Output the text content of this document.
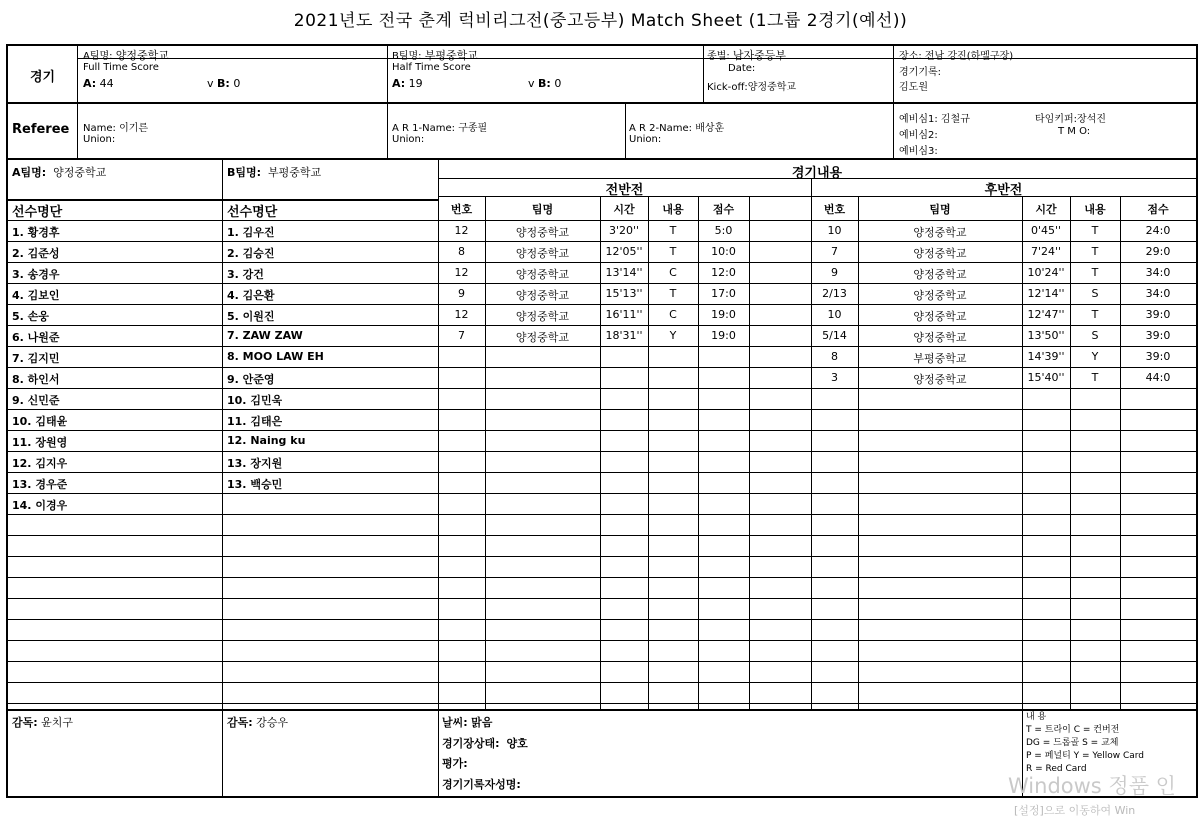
2021년도 전국 춘계 럭비리그전(중고등부) Match Sheet (1그룹 2경기(예선))
경기
A팀명: 양정중학교
Full Time Score
A: 44	v B: 0
B팀명: 부평중학교
Half Time Score
A: 19	v B: 0
종별: 남자중등부
Date:
Kick-off:양정중학교
장소: 전남 강진(하멜구장)
경기기록:
김도원
Referee Name: 이기른
Union:
A R 1-Name: 구종필
Union:
A R 2-Name: 배상훈
Union:
예비심1: 김철규
예비심2:
예비심3:
타임키퍼:장석진
T M O:
A팀명: 양정중학교	B팀명: 부평중학교	경기내용
전반전	후반전
선수명단	선수명단
감독: 윤치구	감독: 강승우	날씨: 맑음
경기장상태: 양호
평가:
경기기록자성명:
내 용
T = 트라이 C = 컨버전
DG = 드롭골 S = 교체
P = 페널티 Y = Yellow Card
R = Red Card
번호	팀명	시간	내용	점수	번호	팀명	시간	내용	점수
1. 황경후
2. 김준성
3. 송경우
4. 김보인
5. 손웅
6. 나원준
7. 김지민
8. 하인서
9. 신민준
10. 김태윤
11. 장원영
12. 김지우
13. 경우준
14. 이경우
1. 김우진
2. 김승진
3. 강건
4. 김은환
5. 이원진
7. ZAW ZAW
8. MOO LAW EH
9. 안준영
10. 김민욱
11. 김태은
12. Naing ku
13. 장지원
13. 백승민
12	양정중학교	3'20''	T	5:0
8	양정중학교	12'05''	T	10:0
12	양정중학교	13'14''	C	12:0
9	양정중학교	15'13''	T	17:0
12	양정중학교	16'11''	C	19:0
7	양정중학교	18'31''	Y	19:0
10	양정중학교	0'45''	T	24:0
7	양정중학교	7'24''	T	29:0
9	양정중학교	10'24''	T	34:0
2/13	양정중학교	12'14''	S	34:0
10	양정중학교	12'47''	T	39:0
5/14	양정중학교	13'50''	S	39:0
8	부평중학교	14'39''	Y	39:0
3	양정중학교	15'40''	T	44:0
Windows 정품 인
[설정]으로 이동하여 Win
